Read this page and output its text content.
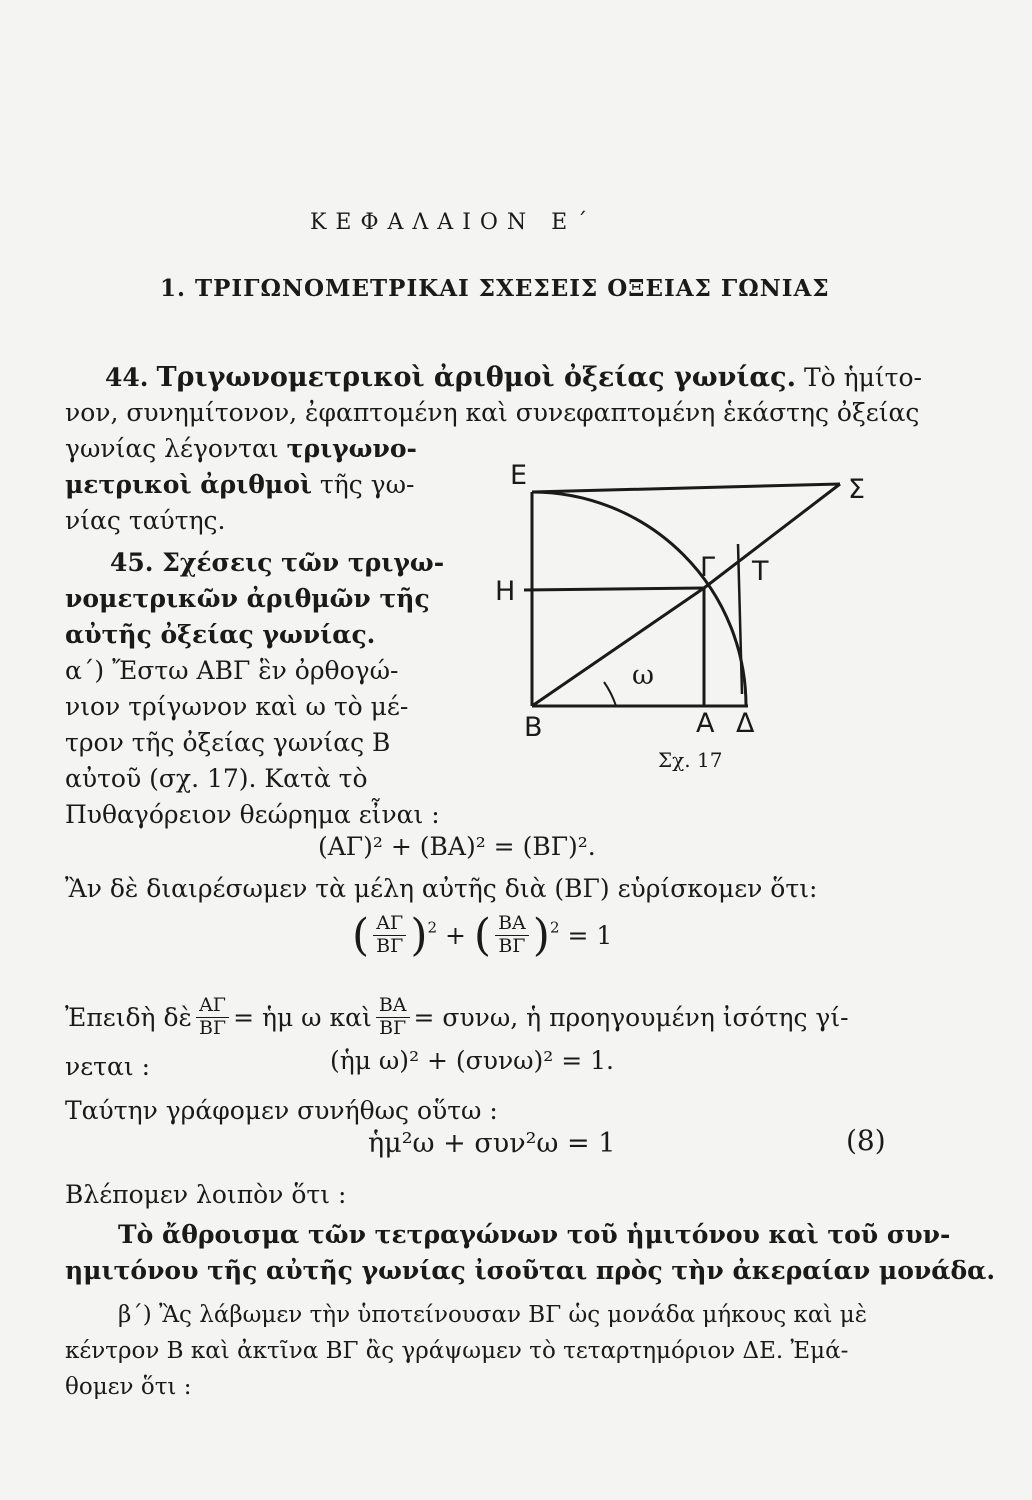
ΚΕΦΑΛΑΙΟΝ Ε΄
1. ΤΡΙΓΩΝΟΜΕΤΡΙΚΑΙ ΣΧΕΣΕΙΣ ΟΞΕΙΑΣ ΓΩΝΙΑΣ
44. Τριγωνομετρικοὶ ἀριθμοὶ ὀξείας γωνίας. Τὸ ἡμίτο-
νον, συνημίτονον, ἐφαπτομένη καὶ συνεφαπτομένη ἑκάστης ὀξείας
γωνίας λέγονται τριγωνο-
μετρικοὶ ἀριθμοὶ τῆς γω-
νίας ταύτης.
45. Σχέσεις τῶν τριγω-
νομετρικῶν ἀριθμῶν τῆς
αὐτῆς ὀξείας γωνίας.
α΄) Ἔστω ΑΒΓ ἓν ὀρθογώ-
νιον τρίγωνον καὶ ω τὸ μέ-
τρον τῆς ὀξείας γωνίας Β
αὐτοῦ (σχ. 17). Κατὰ τὸ
Πυθαγόρειον θεώρημα εἶναι :
Ε	Σ
Γ Τ
Η
ω
Β	Α Δ
Σχ. 17
(ΑΓ)² + (ΒΑ)² = (ΒΓ)².
Ἂν δὲ διαιρέσωμεν τὰ μέλη αὐτῆς διὰ (ΒΓ) εὑρίσκομεν ὅτι:
( $\frac{A\Gamma}{B\Gamma} )^2$ + ( $\frac{BA}{B\Gamma} )^2 = 1$
Ἐπειδὴ δὲ $\frac{A\Gamma}{B\Gamma}$ = ἡμ ω καὶ $\frac{BA}{B\Gamma} = \sigma\upsilon\nu\omega$, ἡ προηγουμένη ἰσότης γί-
νεται :	(ἡμ ω)² + (συνω)² = 1.
Ταύτην γράφομεν συνήθως οὕτω :
ἡμ²ω + συν²ω = 1	(8)
Βλέπομεν λοιπὸν ὅτι :
Τὸ ἄθροισμα τῶν τετραγώνων τοῦ ἡμιτόνου καὶ τοῦ συν-
ημιτόνου τῆς αὐτῆς γωνίας ἰσοῦται πρὸς τὴν ἀκεραίαν μονάδα.
β΄) Ἂς λάβωμεν τὴν ὑποτείνουσαν ΒΓ ὡς μονάδα μήκους καὶ μὲ
κέντρον Β καὶ ἀκτῖνα ΒΓ ἂς γράψωμεν τὸ τεταρτημόριον ΔΕ. Ἐμά-
θομεν ὅτι :
